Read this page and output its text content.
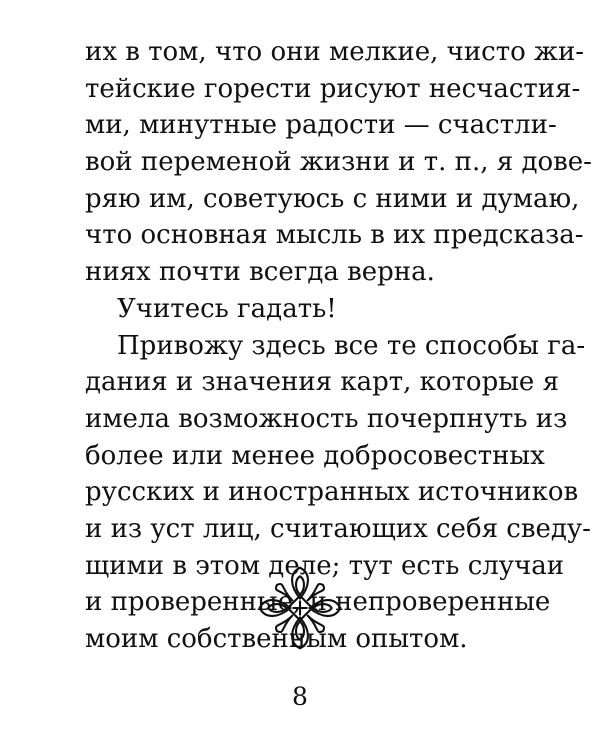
их в том, что они мелкие, чисто жи-
тейские горести рисуют несчастия-
ми, минутные радости — счастли-
вой переменой жизни и т. п., я дове-
ряю им, советуюсь с ними и думаю,
что основная мысль в их предсказа-
ниях почти всегда верна.
Учитесь гадать!
Привожу здесь все те способы га-
дания и значения карт, которые я
имела возможность почерпнуть из
более или менее добросовестных
русских и иностранных источников
и из уст лиц, считающих себя сведу-
щими в этом деле; тут есть случаи
и проверенные, и непроверенные
моим собственным опытом.
8
